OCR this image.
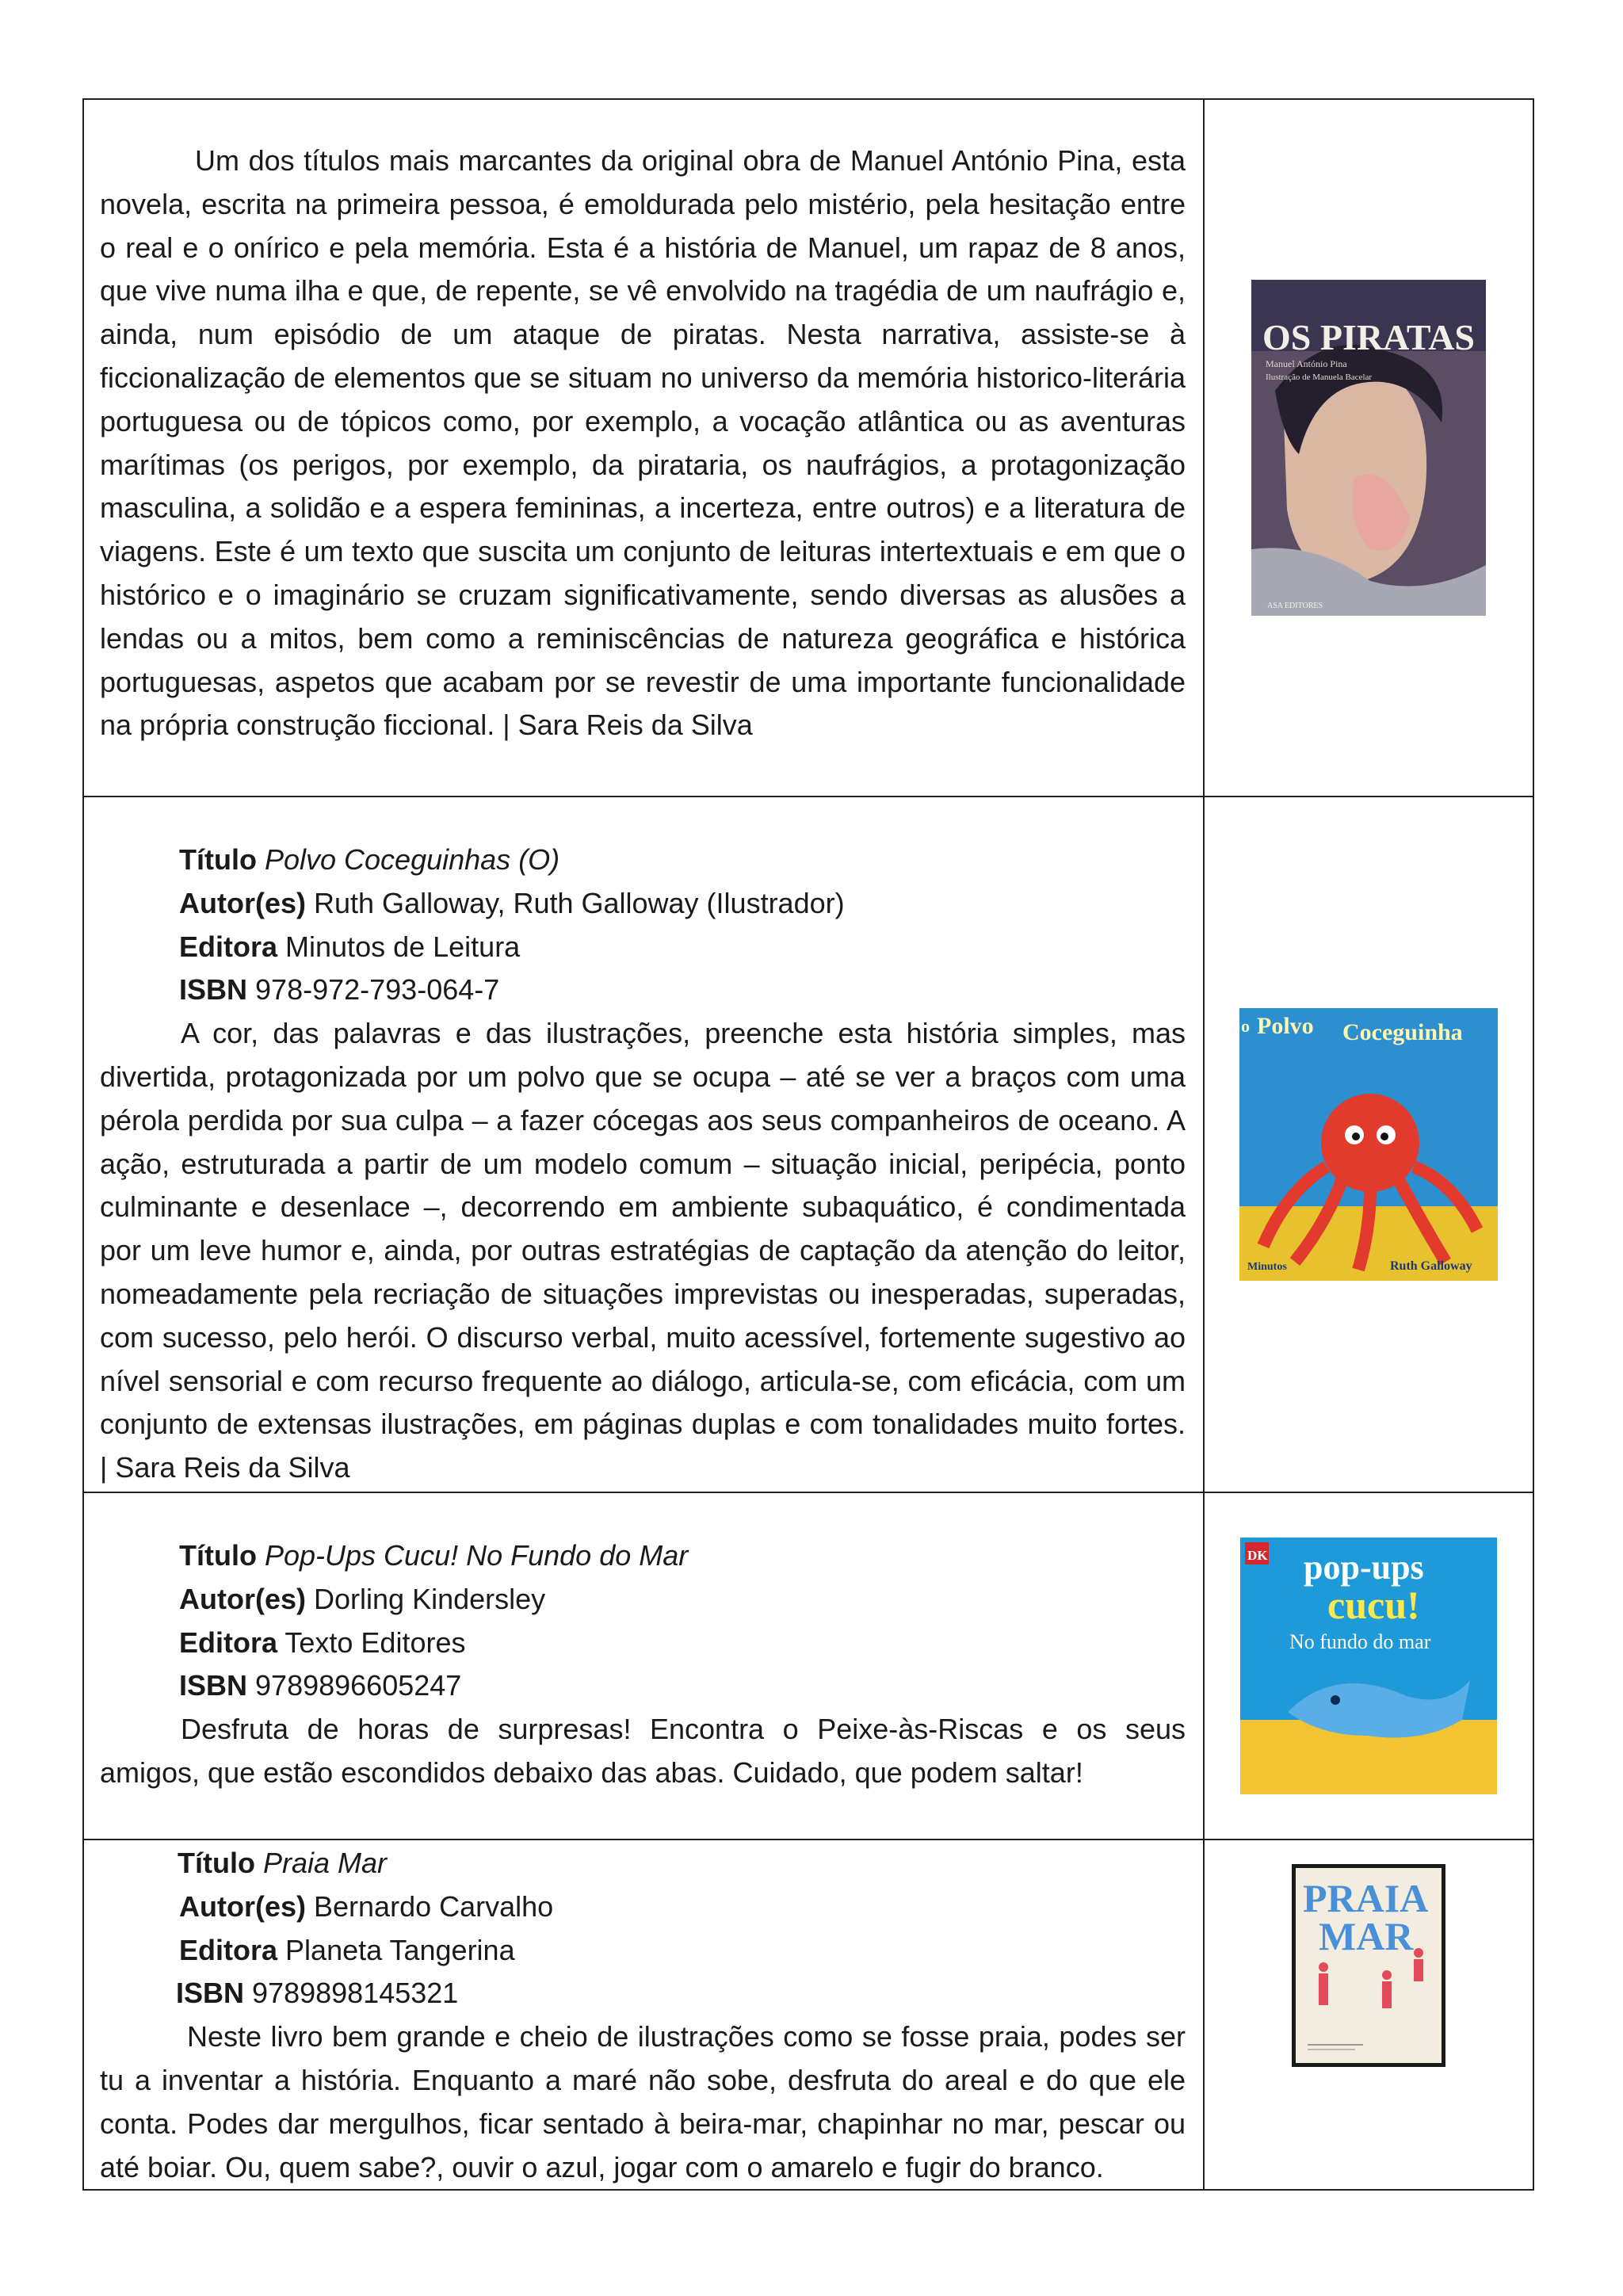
Um dos títulos mais marcantes da original obra de Manuel António Pina, esta novela, escrita na primeira pessoa, é emoldurada pelo mistério, pela hesitação entre o real e o onírico e pela memória. Esta é a história de Manuel, um rapaz de 8 anos, que vive numa ilha e que, de repente, se vê envolvido na tragédia de um naufrágio e, ainda, num episódio de um ataque de piratas. Nesta narrativa, assiste-se à ficcionalização de elementos que se situam no universo da memória historico-literária portuguesa ou de tópicos como, por exemplo, a vocação atlântica ou as aventuras marítimas (os perigos, por exemplo, da pirataria, os naufrágios, a protagonização masculina, a solidão e a espera femininas, a incerteza, entre outros) e a literatura de viagens. Este é um texto que suscita um conjunto de leituras intertextuais e em que o histórico e o imaginário se cruzam significativamente, sendo diversas as alusões a lendas ou a mitos, bem como a reminiscências de natureza geográfica e histórica portuguesas, aspetos que acabam por se revestir de uma importante funcionalidade na própria construção ficcional. | Sara Reis da Silva

OS PIRATAS
Manuel António Pina
Ilustração de Manuela Bacelar
ASA EDITORES
Título Polvo Coceguinhas (O)
Autor(es) Ruth Galloway, Ruth Galloway (Ilustrador)
Editora Minutos de Leitura
ISBN 978-972-793-064-7

A cor, das palavras e das ilustrações, preenche esta história simples, mas divertida, protagonizada por um polvo que se ocupa – até se ver a braços com uma pérola perdida por sua culpa – a fazer cócegas aos seus companheiros de oceano. A ação, estruturada a partir de um modelo comum – situação inicial, peripécia, ponto culminante e desenlace –, decorrendo em ambiente subaquático, é condimentada por um leve humor e, ainda, por outras estratégias de captação da atenção do leitor, nomeadamente pela recriação de situações imprevistas ou inesperadas, superadas, com sucesso, pelo herói. O discurso verbal, muito acessível, fortemente sugestivo ao nível sensorial e com recurso frequente ao diálogo, articula-se, com eficácia, com um conjunto de extensas ilustrações, em páginas duplas e com tonalidades muito fortes. | Sara Reis da Silva

o Polvo Coceguinha
Minutos	Ruth Galloway
Título Pop-Ups Cucu! No Fundo do Mar
Autor(es) Dorling Kindersley
Editora Texto Editores
ISBN 9789896605247

Desfruta de horas de surpresas! Encontra o Peixe-às-Riscas e os seus amigos, que estão escondidos debaixo das abas. Cuidado, que podem saltar!

DK pop-ups
cucu!
No fundo do mar
Título Praia Mar
Autor(es) Bernardo Carvalho
Editora Planeta Tangerina
ISBN 9789898145321

Neste livro bem grande e cheio de ilustrações como se fosse praia, podes ser tu a inventar a história. Enquanto a maré não sobe, desfruta do areal e do que ele conta. Podes dar mergulhos, ficar sentado à beira-mar, chapinhar no mar, pescar ou até boiar. Ou, quem sabe?, ouvir o azul, jogar com o amarelo e fugir do branco.

PRAIA
MAR
